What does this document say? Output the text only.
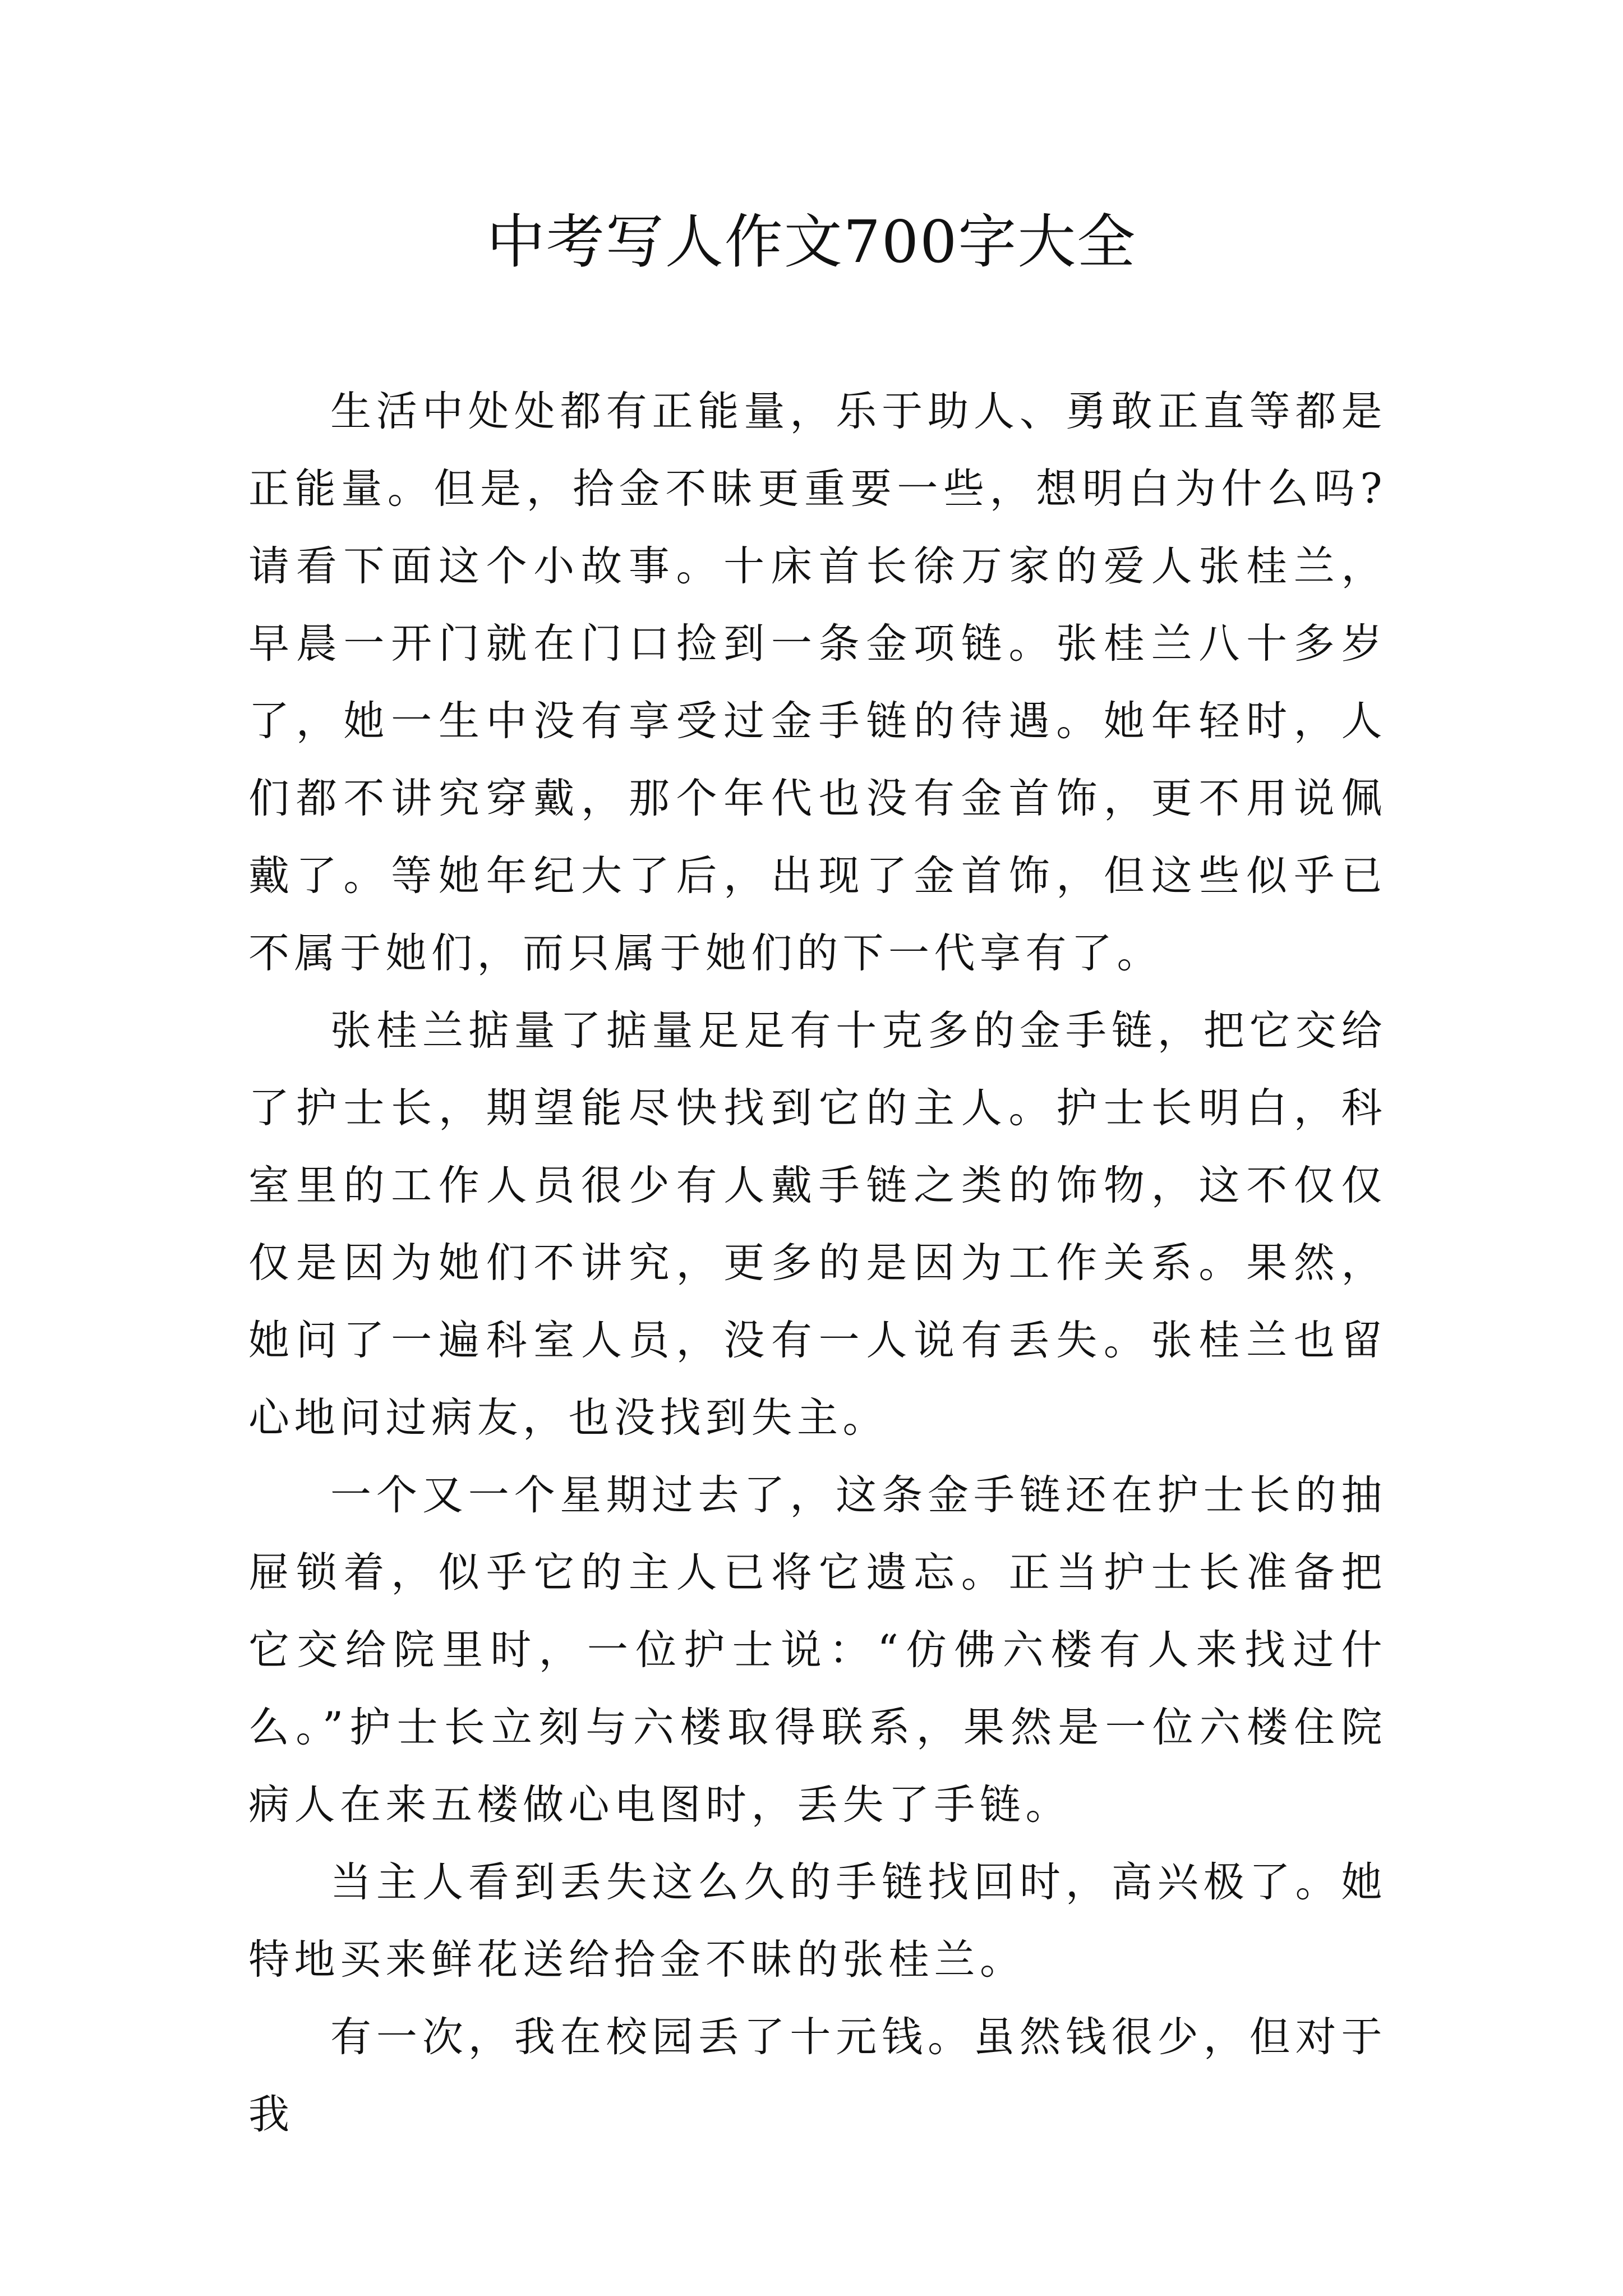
中考写人作文700字大全

生活中处处都有正能量，乐于助人、勇敢正直等都是正能量。但是，拾金不昧更重要一些，想明白为什么吗?请看下面这个小故事。十床首长徐万家的爱人张桂兰，早晨一开门就在门口捡到一条金项链。张桂兰八十多岁了，她一生中没有享受过金手链的待遇。她年轻时，人们都不讲究穿戴，那个年代也没有金首饰，更不用说佩戴了。等她年纪大了后，出现了金首饰，但这些似乎已不属于她们，而只属于她们的下一代享有了。

张桂兰掂量了掂量足足有十克多的金手链，把它交给了护士长，期望能尽快找到它的主人。护士长明白，科室里的工作人员很少有人戴手链之类的饰物，这不仅仅仅是因为她们不讲究，更多的是因为工作关系。果然，她问了一遍科室人员，没有一人说有丢失。张桂兰也留心地问过病友，也没找到失主。

一个又一个星期过去了，这条金手链还在护士长的抽屉锁着，似乎它的主人已将它遗忘。正当护士长准备把它交给院里时，一位护士说：“仿佛六楼有人来找过什么。”护士长立刻与六楼取得联系，果然是一位六楼住院病人在来五楼做心电图时，丢失了手链。

当主人看到丢失这么久的手链找回时，高兴极了。她特地买来鲜花送给拾金不昧的张桂兰。

有一次，我在校园丢了十元钱。虽然钱很少，但对于我
